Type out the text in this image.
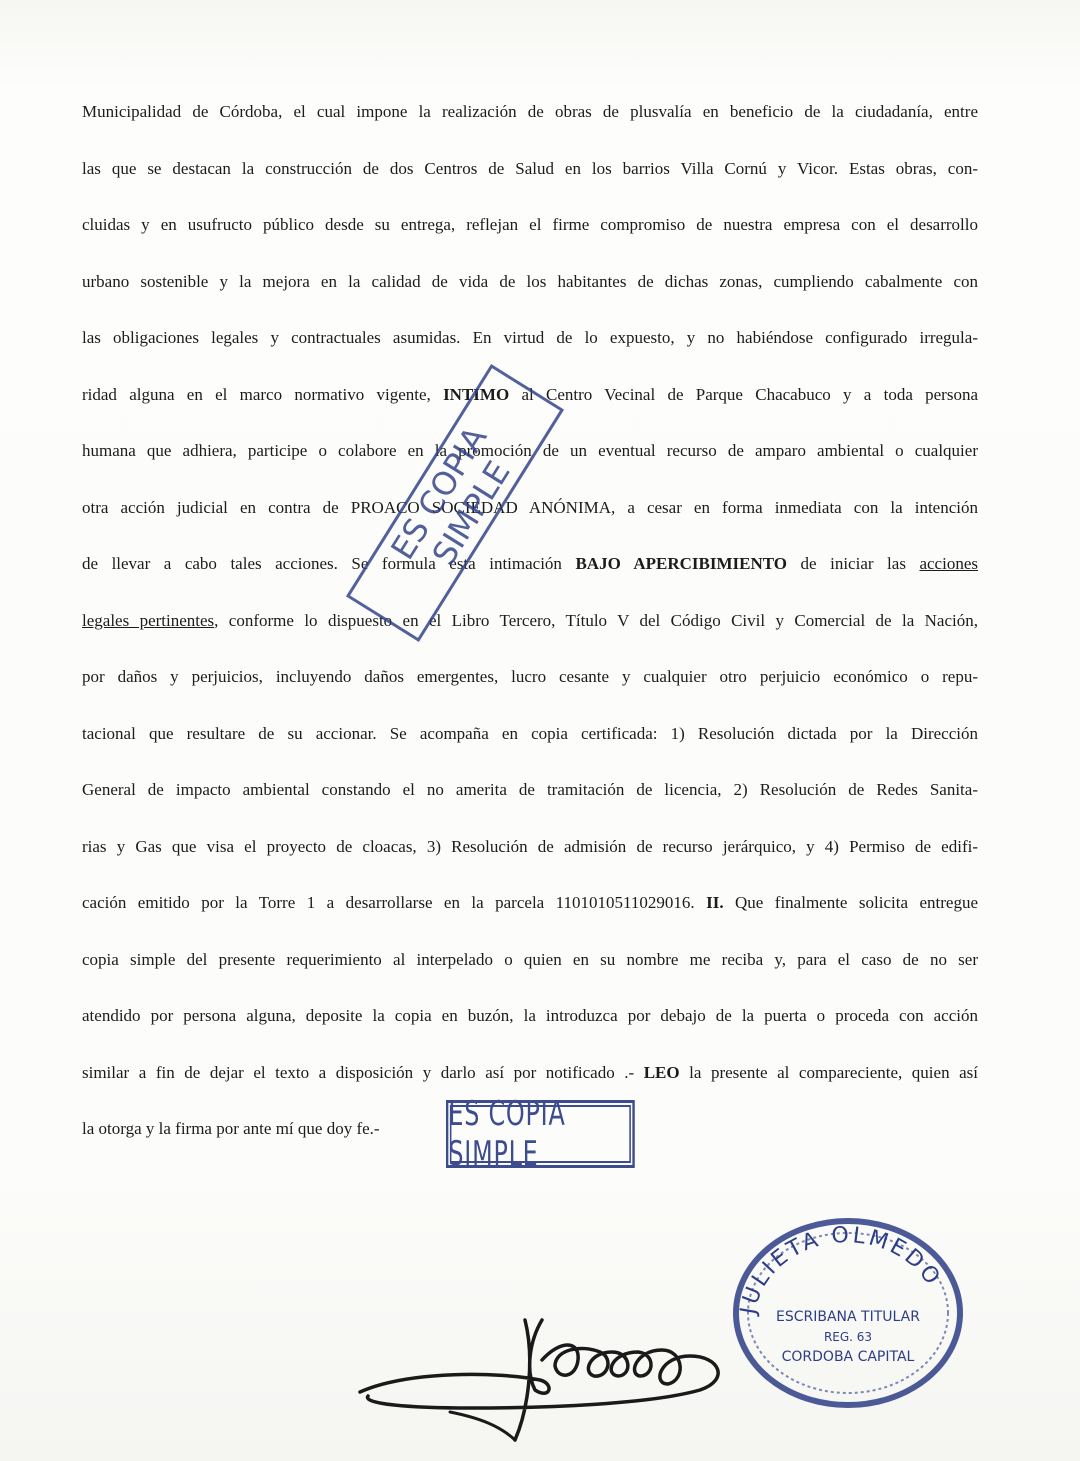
Municipalidad de Córdoba, el cual impone la realización de obras de plusvalía en beneficio de la ciudadanía, entre
las que se destacan la construcción de dos Centros de Salud en los barrios Villa Cornú y Vicor. Estas obras, con-
cluidas y en usufructo público desde su entrega, reflejan el firme compromiso de nuestra empresa con el desarrollo
urbano sostenible y la mejora en la calidad de vida de los habitantes de dichas zonas, cumpliendo cabalmente con
las obligaciones legales y contractuales asumidas. En virtud de lo expuesto, y no habiéndose configurado irregula-
ridad alguna en el marco normativo vigente, INTIMO al Centro Vecinal de Parque Chacabuco y a toda persona
humana que adhiera, participe o colabore en la promoción de un eventual recurso de amparo ambiental o cualquier
otra acción judicial en contra de PROACO SOCIEDAD ANÓNIMA, a cesar en forma inmediata con la intención
de llevar a cabo tales acciones. Se formula esta intimación BAJO APERCIBIMIENTO de iniciar las acciones
legales pertinentes, conforme lo dispuesto en el Libro Tercero, Título V del Código Civil y Comercial de la Nación,
por daños y perjuicios, incluyendo daños emergentes, lucro cesante y cualquier otro perjuicio económico o repu-
tacional que resultare de su accionar. Se acompaña en copia certificada: 1) Resolución dictada por la Dirección
General de impacto ambiental constando el no amerita de tramitación de licencia, 2) Resolución de Redes Sanita-
rias y Gas que visa el proyecto de cloacas, 3) Resolución de admisión de recurso jerárquico, y 4) Permiso de edifi-
cación emitido por la Torre 1 a desarrollarse en la parcela 1101010511029016. II. Que finalmente solicita entregue
copia simple del presente requerimiento al interpelado o quien en su nombre me reciba y, para el caso de no ser
atendido por persona alguna, deposite la copia en buzón, la introduzca por debajo de la puerta o proceda con acción
similar a fin de dejar el texto a disposición y darlo así por notificado .- LEO la presente al compareciente, quien así
la otorga y la firma por ante mí que doy fe.-
ES COPIA SIMPLE
ES COPIA SIMPLE
JULIETA OLMEDO
ESCRIBANA TITULAR
REG. 63
CORDOBA CAPITAL
